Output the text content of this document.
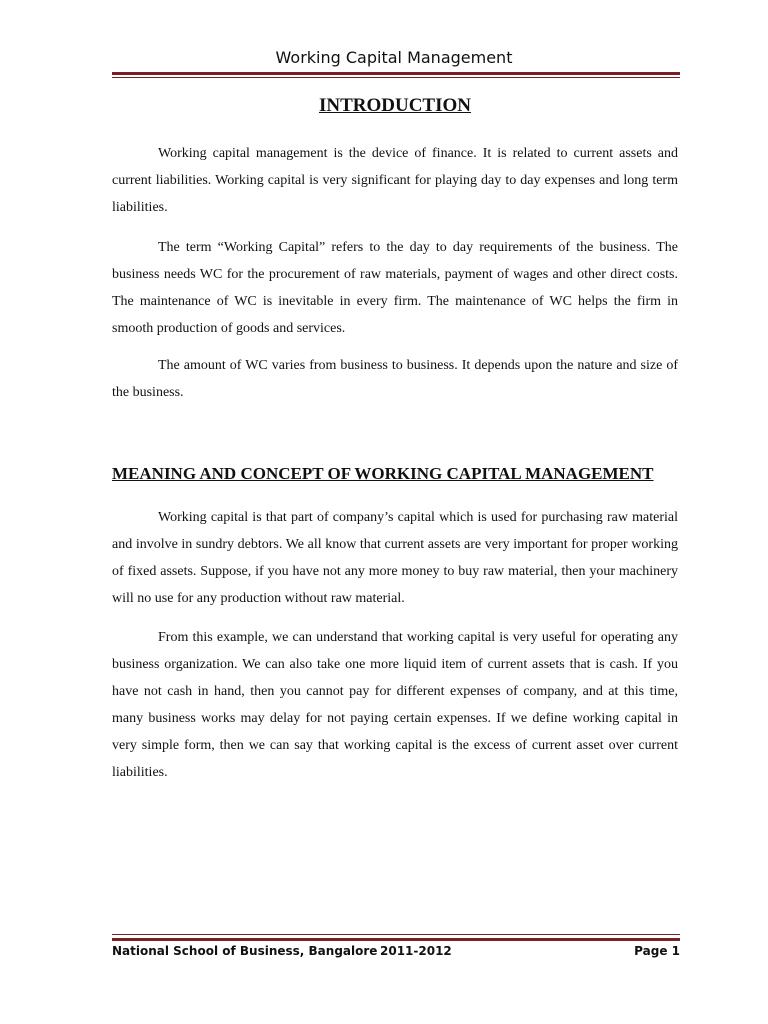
Working Capital Management
INTRODUCTION

Working capital management is the device of finance. It is related to current assets and current liabilities. Working capital is very significant for playing day to day expenses and long term liabilities.

The term “Working Capital” refers to the day to day requirements of the business. The business needs WC for the procurement of raw materials, payment of wages and other direct costs. The maintenance of WC is inevitable in every firm. The maintenance of WC helps the firm in smooth production of goods and services.

The amount of WC varies from business to business. It depends upon the nature and size of the business.

MEANING AND CONCEPT OF WORKING CAPITAL MANAGEMENT

Working capital is that part of company’s capital which is used for purchasing raw material and involve in sundry debtors. We all know that current assets are very important for proper working of fixed assets. Suppose, if you have not any more money to buy raw material, then your machinery will no use for any production without raw material.

From this example, we can understand that working capital is very useful for operating any business organization. We can also take one more liquid item of current assets that is cash. If you have not cash in hand, then you cannot pay for different expenses of company, and at this time, many business works may delay for not paying certain expenses. If we define working capital in very simple form, then we can say that working capital is the excess of current asset over current liabilities.

National School of Business, Bangalore 2011-2012	Page 1
